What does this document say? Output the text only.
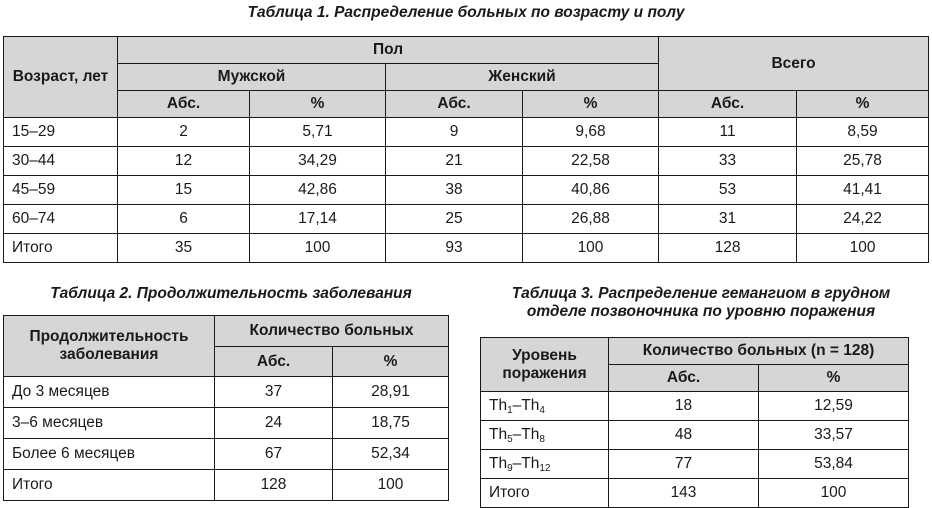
Таблица 1. Распределение больных по возрасту и полу
Возраст, лет	Пол				Всего	
	Мужской		Женский			
	Абс.	%	Абс.	%	Абс.	%
15–29	2	5,71	9	9,68	11	8,59
30–44	12	34,29	21	22,58	33	25,78
45–59	15	42,86	38	40,86	53	41,41
60–74	6	17,14	25	26,88	31	24,22
Итого	35	100	93	100	128	100
Таблица 2. Продолжительность заболевания
Продолжительность заболевания	Количество больных	
	Абс.	%
До 3 месяцев	37	28,91
3–6 месяцев	24	18,75
Более 6 месяцев	67	52,34
Итого	128	100
Таблица 3. Распределение гемангиом в грудном
отделе позвоночника по уровню поражения
Уровень поражения	Количество больных (n = 128)	
	Абс.	%
$Th_1-Th_4$	18	12,59
$Th_5-Th_8$	48	33,57
$Th_9-Th_{12}$	77	53,84
Итого	143	100
